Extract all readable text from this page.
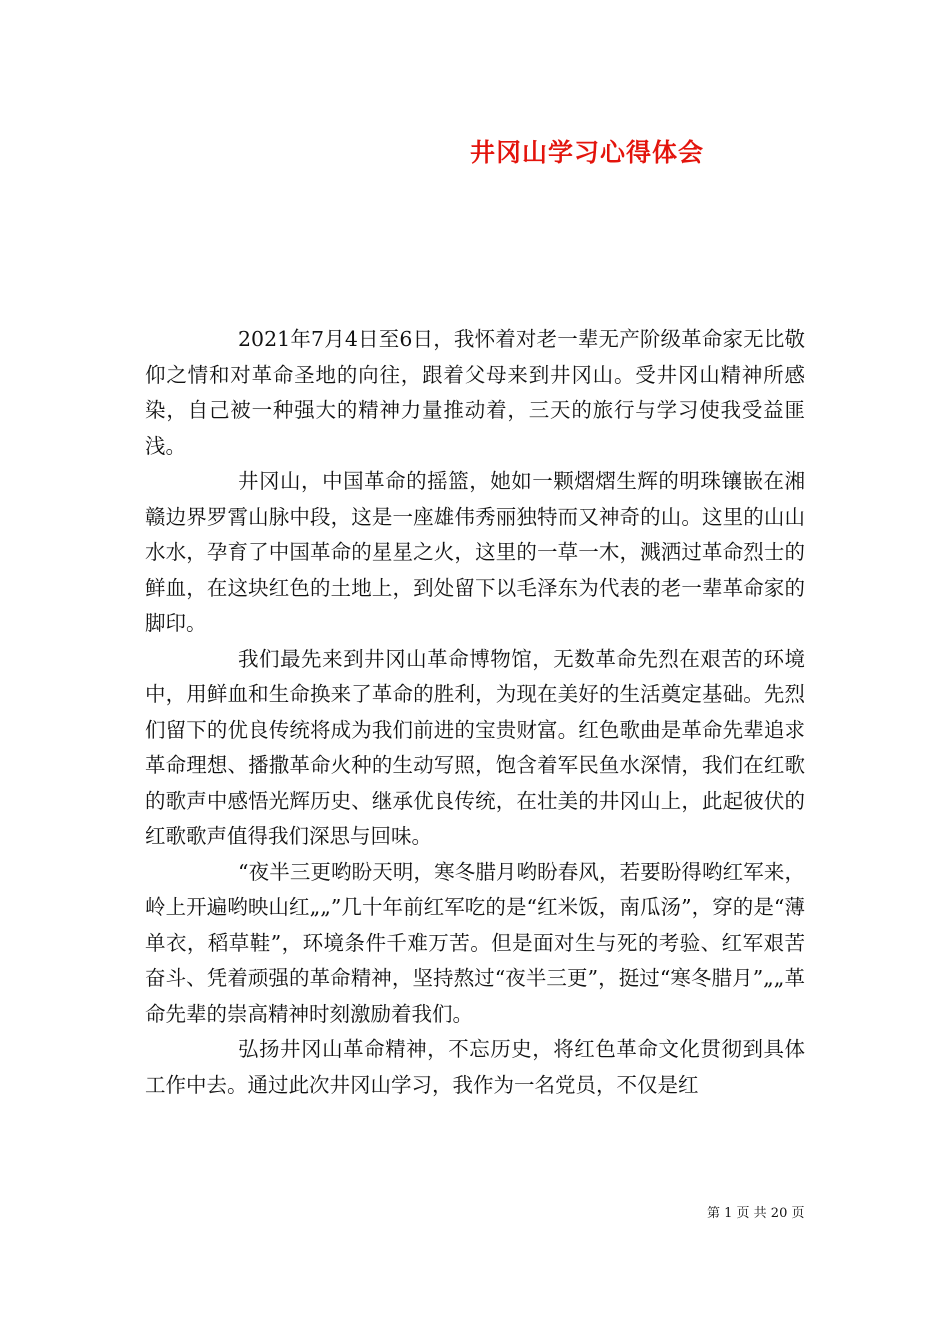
井冈山学习心得体会

2021年7月4日至6日，我怀着对老一辈无产阶级革命家无比敬仰之情和对革命圣地的向往，跟着父母来到井冈山。受井冈山精神所感染，自己被一种强大的精神力量推动着，三天的旅行与学习使我受益匪浅。

井冈山，中国革命的摇篮，她如一颗熠熠生辉的明珠镶嵌在湘赣边界罗霄山脉中段，这是一座雄伟秀丽独特而又神奇的山。这里的山山水水，孕育了中国革命的星星之火，这里的一草一木，溅洒过革命烈士的鲜血，在这块红色的土地上，到处留下以毛泽东为代表的老一辈革命家的脚印。

我们最先来到井冈山革命博物馆，无数革命先烈在艰苦的环境中，用鲜血和生命换来了革命的胜利，为现在美好的生活奠定基础。先烈们留下的优良传统将成为我们前进的宝贵财富。红色歌曲是革命先辈追求革命理想、播撒革命火种的生动写照，饱含着军民鱼水深情，我们在红歌的歌声中感悟光辉历史、继承优良传统，在壮美的井冈山上，此起彼伏的红歌歌声值得我们深思与回味。

“夜半三更哟盼天明，寒冬腊月哟盼春风，若要盼得哟红军来，岭上开遍哟映山红„„”几十年前红军吃的是“红米饭，南瓜汤”，穿的是“薄单衣，稻草鞋”，环境条件千难万苦。但是面对生与死的考验、红军艰苦奋斗、凭着顽强的革命精神，坚持熬过“夜半三更”，挺过“寒冬腊月”„„革命先辈的崇高精神时刻激励着我们。

弘扬井冈山革命精神，不忘历史，将红色革命文化贯彻到具体工作中去。通过此次井冈山学习，我作为一名党员，不仅是红

第 1 页 共 20 页
